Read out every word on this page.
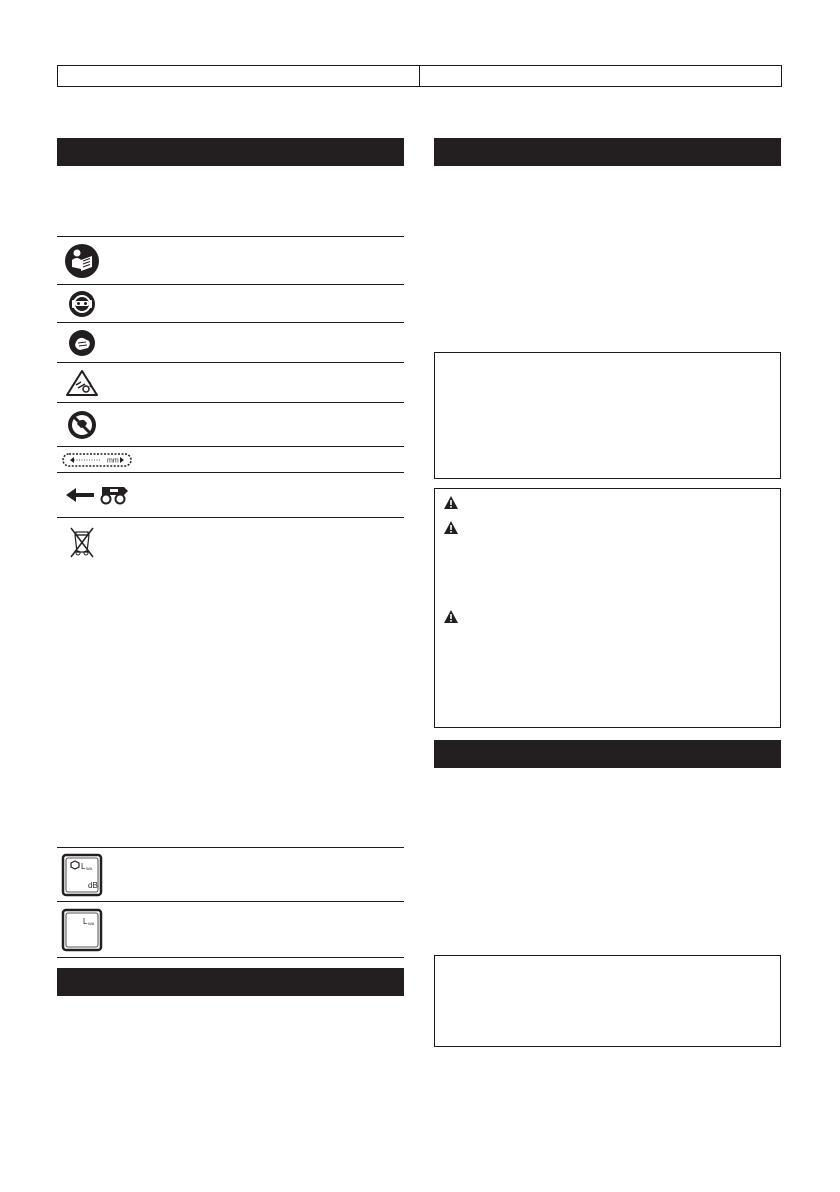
mm
L WA
dB
L WA
